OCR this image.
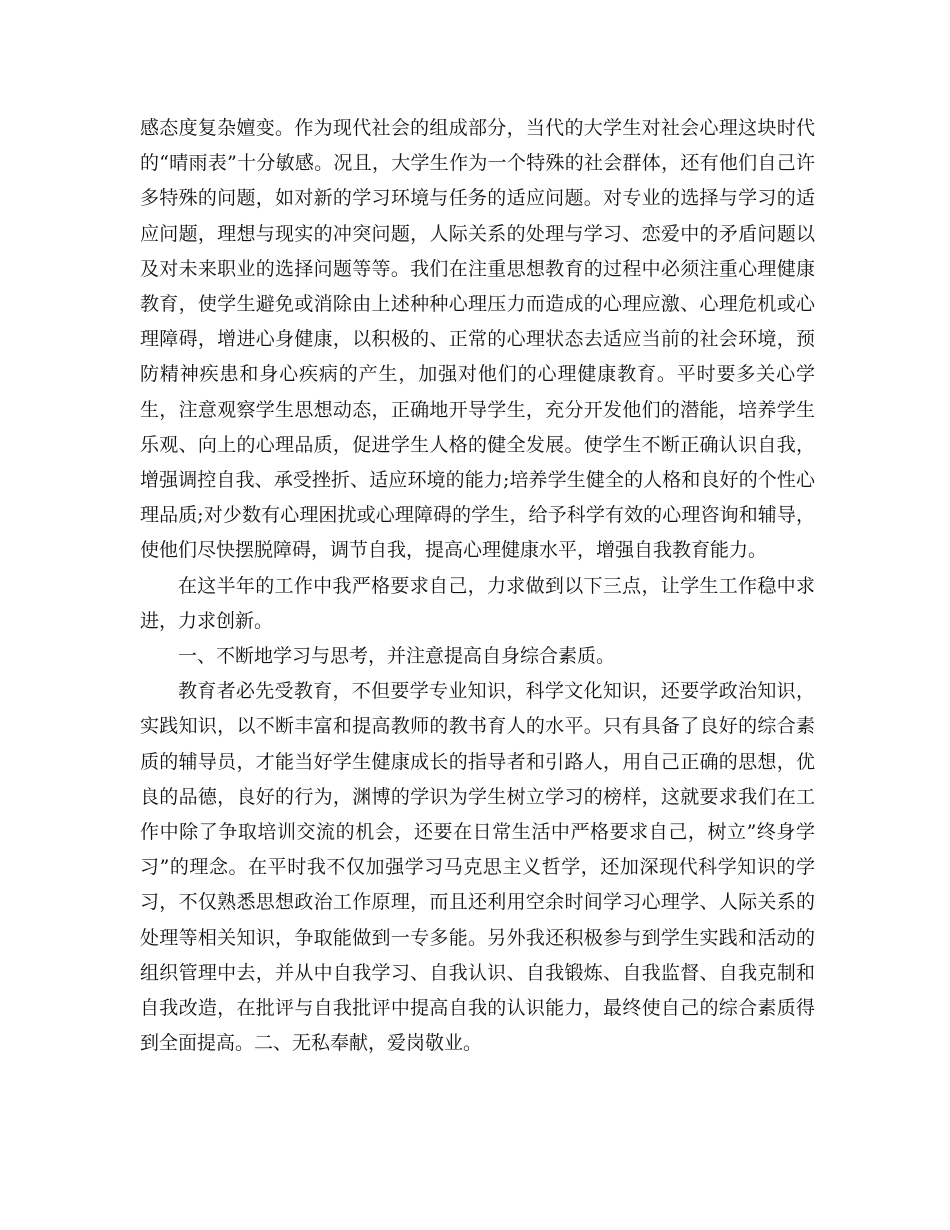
感态度复杂嬗变。作为现代社会的组成部分，当代的大学生对社会心理这块时代的“晴雨表”十分敏感。况且，大学生作为一个特殊的社会群体，还有他们自己许多特殊的问题，如对新的学习环境与任务的适应问题。对专业的选择与学习的适应问题，理想与现实的冲突问题，人际关系的处理与学习、恋爱中的矛盾问题以及对未来职业的选择问题等等。我们在注重思想教育的过程中必须注重心理健康教育，使学生避免或消除由上述种种心理压力而造成的心理应激、心理危机或心理障碍，增进心身健康，以积极的、正常的心理状态去适应当前的社会环境，预防精神疾患和身心疾病的产生，加强对他们的心理健康教育。平时要多关心学生，注意观察学生思想动态，正确地开导学生，充分开发他们的潜能，培养学生乐观、向上的心理品质，促进学生人格的健全发展。使学生不断正确认识自我，增强调控自我、承受挫折、适应环境的能力;培养学生健全的人格和良好的个性心理品质;对少数有心理困扰或心理障碍的学生，给予科学有效的心理咨询和辅导，使他们尽快摆脱障碍，调节自我，提高心理健康水平，增强自我教育能力。

在这半年的工作中我严格要求自己，力求做到以下三点，让学生工作稳中求进，力求创新。

一、不断地学习与思考，并注意提高自身综合素质。

教育者必先受教育，不但要学专业知识，科学文化知识，还要学政治知识，实践知识，以不断丰富和提高教师的教书育人的水平。只有具备了良好的综合素质的辅导员，才能当好学生健康成长的指导者和引路人，用自己正确的思想，优良的品德，良好的行为，渊博的学识为学生树立学习的榜样，这就要求我们在工作中除了争取培训交流的机会，还要在日常生活中严格要求自己，树立”终身学习”的理念。在平时我不仅加强学习马克思主义哲学，还加深现代科学知识的学习，不仅熟悉思想政治工作原理，而且还利用空余时间学习心理学、人际关系的处理等相关知识，争取能做到一专多能。另外我还积极参与到学生实践和活动的组织管理中去，并从中自我学习、自我认识、自我锻炼、自我监督、自我克制和自我改造，在批评与自我批评中提高自我的认识能力，最终使自己的综合素质得到全面提高。二、无私奉献，爱岗敬业。
